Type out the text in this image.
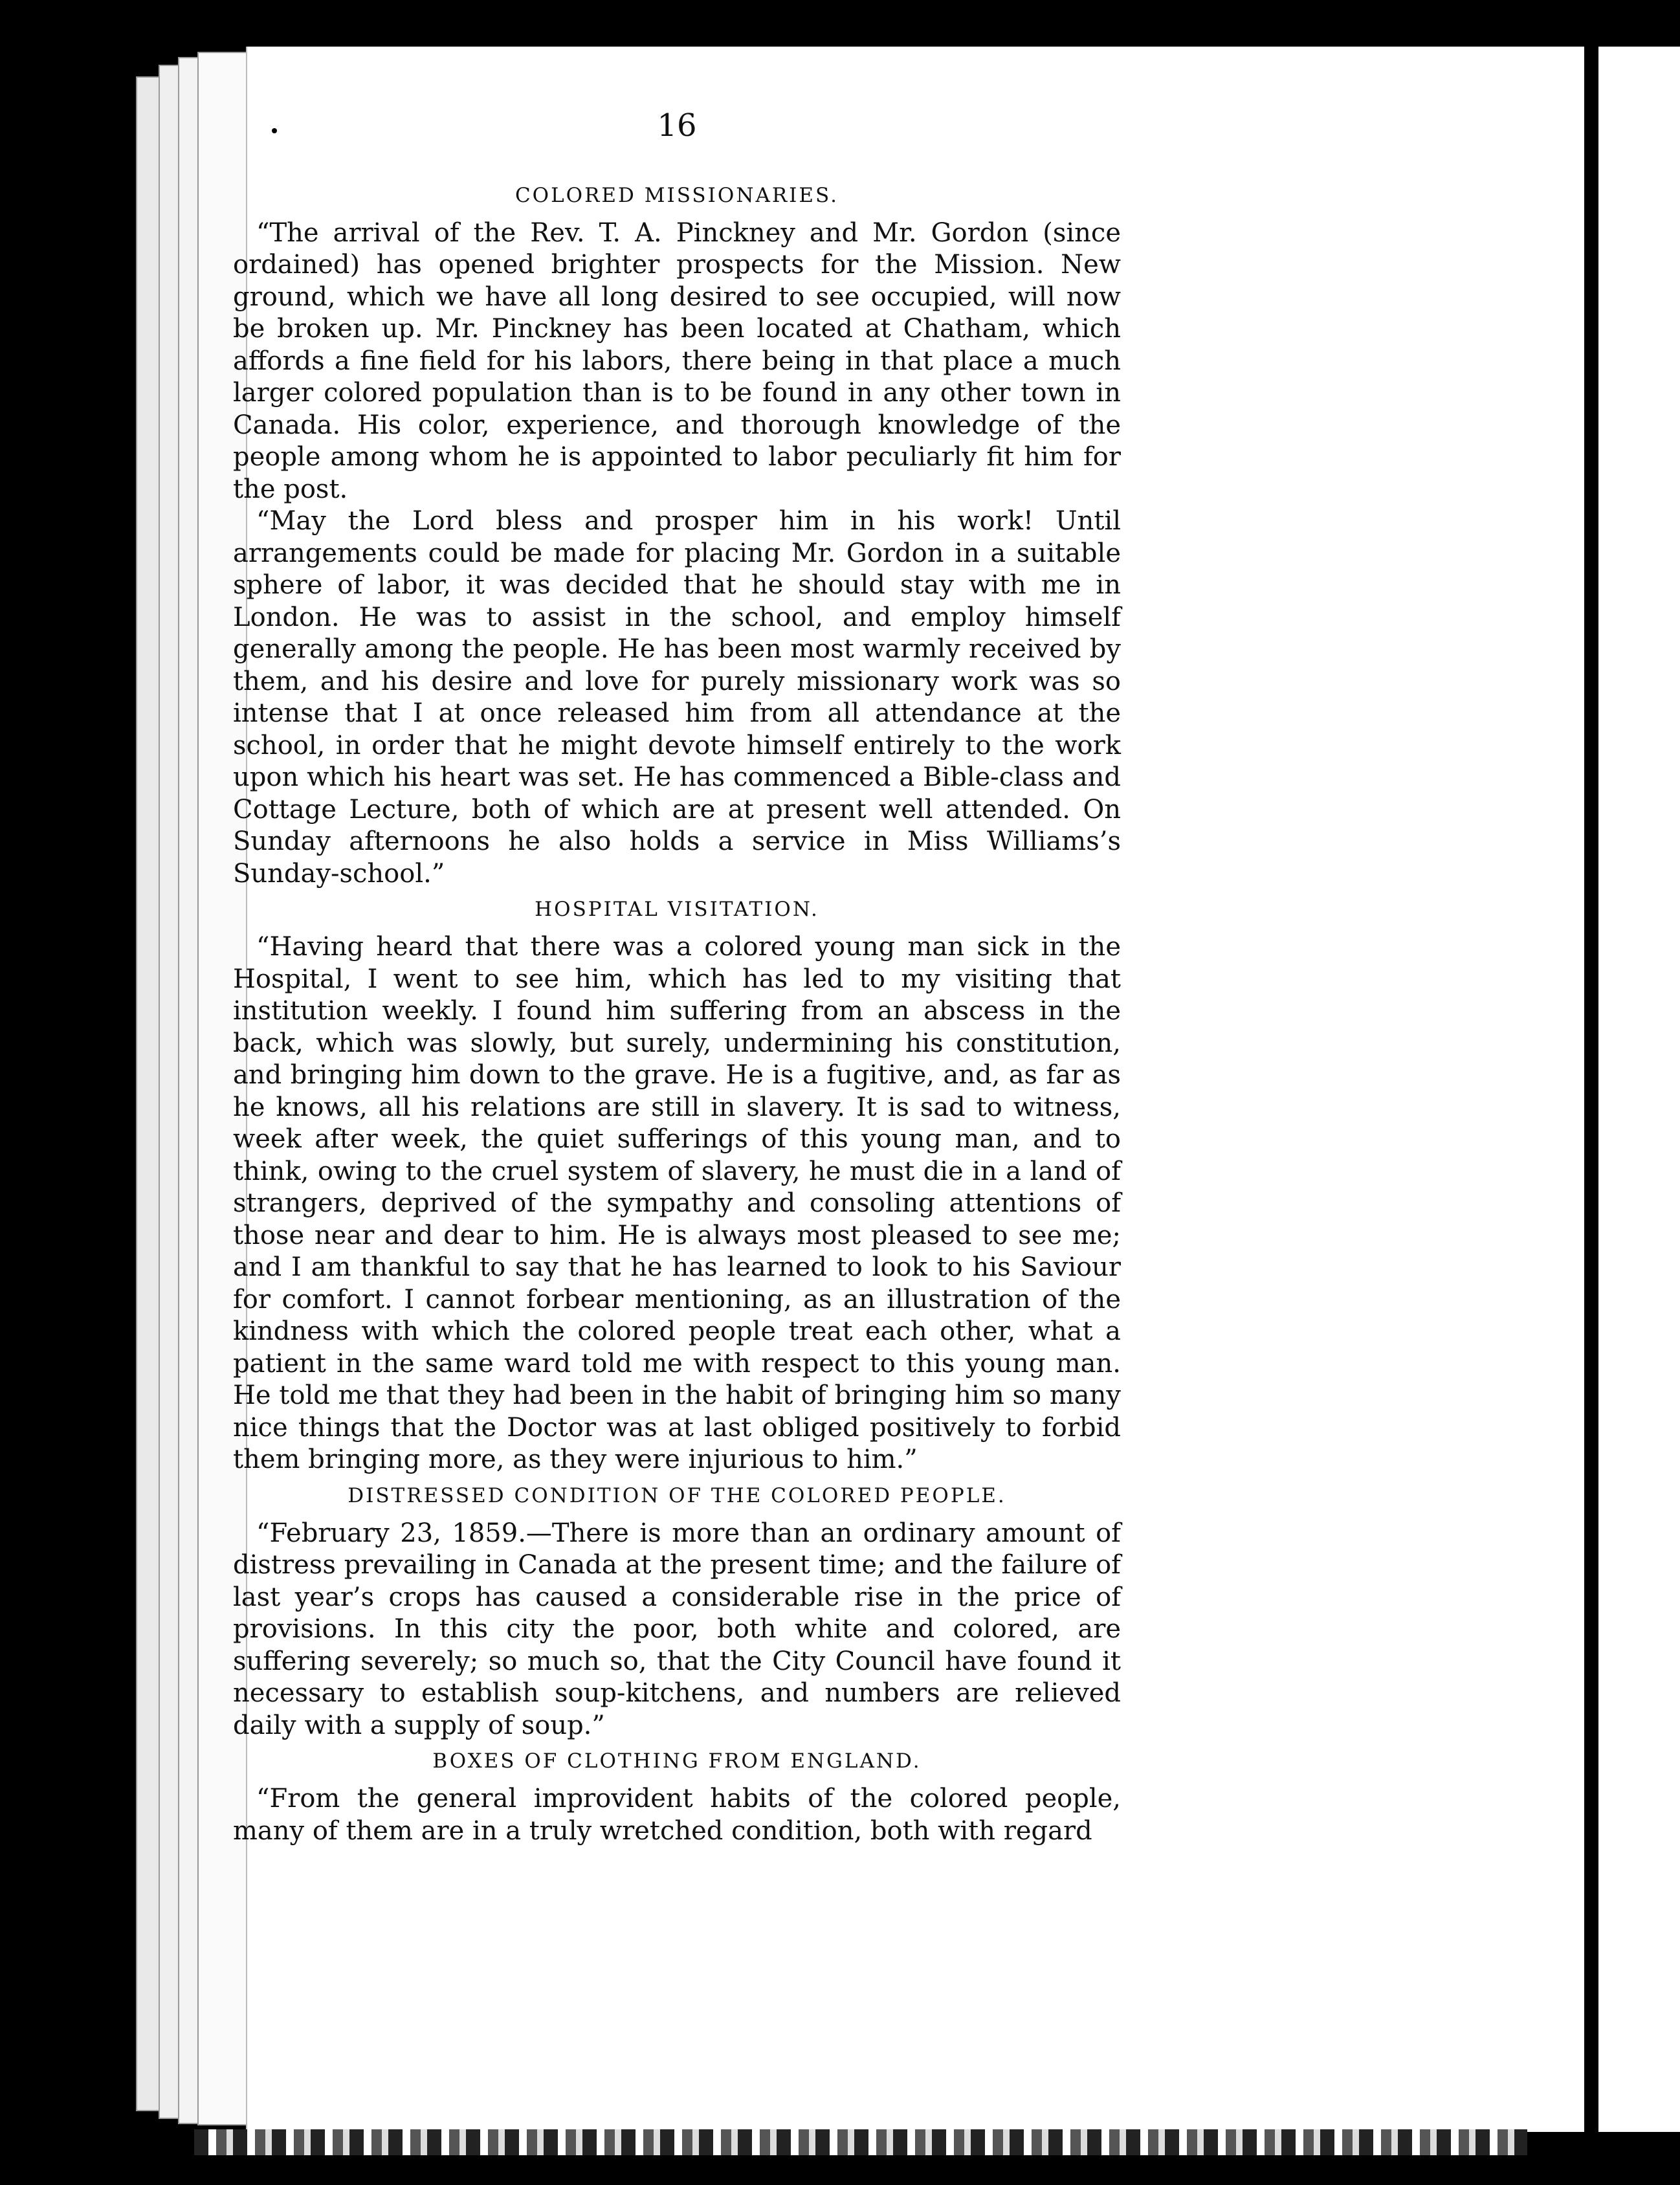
16
COLORED MISSIONARIES.

“The arrival of the Rev. T. A. Pinckney and Mr. Gordon (since ordained) has opened brighter prospects for the Mission. New ground, which we have all long desired to see occupied, will now be broken up. Mr. Pinckney has been located at Chatham, which affords a fine field for his labors, there being in that place a much larger colored population than is to be found in any other town in Canada. His color, experience, and thorough knowledge of the people among whom he is appointed to labor peculiarly fit him for the post.

“May the Lord bless and prosper him in his work! Until arrangements could be made for placing Mr. Gordon in a suitable sphere of labor, it was decided that he should stay with me in London. He was to assist in the school, and employ himself generally among the people. He has been most warmly received by them, and his desire and love for purely missionary work was so intense that I at once released him from all attendance at the school, in order that he might devote himself entirely to the work upon which his heart was set. He has commenced a Bible-class and Cottage Lecture, both of which are at present well attended. On Sunday afternoons he also holds a service in Miss Williams’s Sunday-school.”

HOSPITAL VISITATION.

“Having heard that there was a colored young man sick in the Hospital, I went to see him, which has led to my visiting that institution weekly. I found him suffering from an abscess in the back, which was slowly, but surely, undermining his constitution, and bringing him down to the grave. He is a fugitive, and, as far as he knows, all his relations are still in slavery. It is sad to witness, week after week, the quiet sufferings of this young man, and to think, owing to the cruel system of slavery, he must die in a land of strangers, deprived of the sympathy and consoling attentions of those near and dear to him. He is always most pleased to see me; and I am thankful to say that he has learned to look to his Saviour for comfort. I cannot forbear mentioning, as an illustration of the kindness with which the colored people treat each other, what a patient in the same ward told me with respect to this young man. He told me that they had been in the habit of bringing him so many nice things that the Doctor was at last obliged positively to forbid them bringing more, as they were injurious to him.”

DISTRESSED CONDITION OF THE COLORED PEOPLE.

“February 23, 1859.—There is more than an ordinary amount of distress prevailing in Canada at the present time; and the failure of last year’s crops has caused a considerable rise in the price of provisions. In this city the poor, both white and colored, are suffering severely; so much so, that the City Council have found it necessary to establish soup-kitchens, and numbers are relieved daily with a supply of soup.”

BOXES OF CLOTHING FROM ENGLAND.

“From the general improvident habits of the colored people, many of them are in a truly wretched condition, both with regard
